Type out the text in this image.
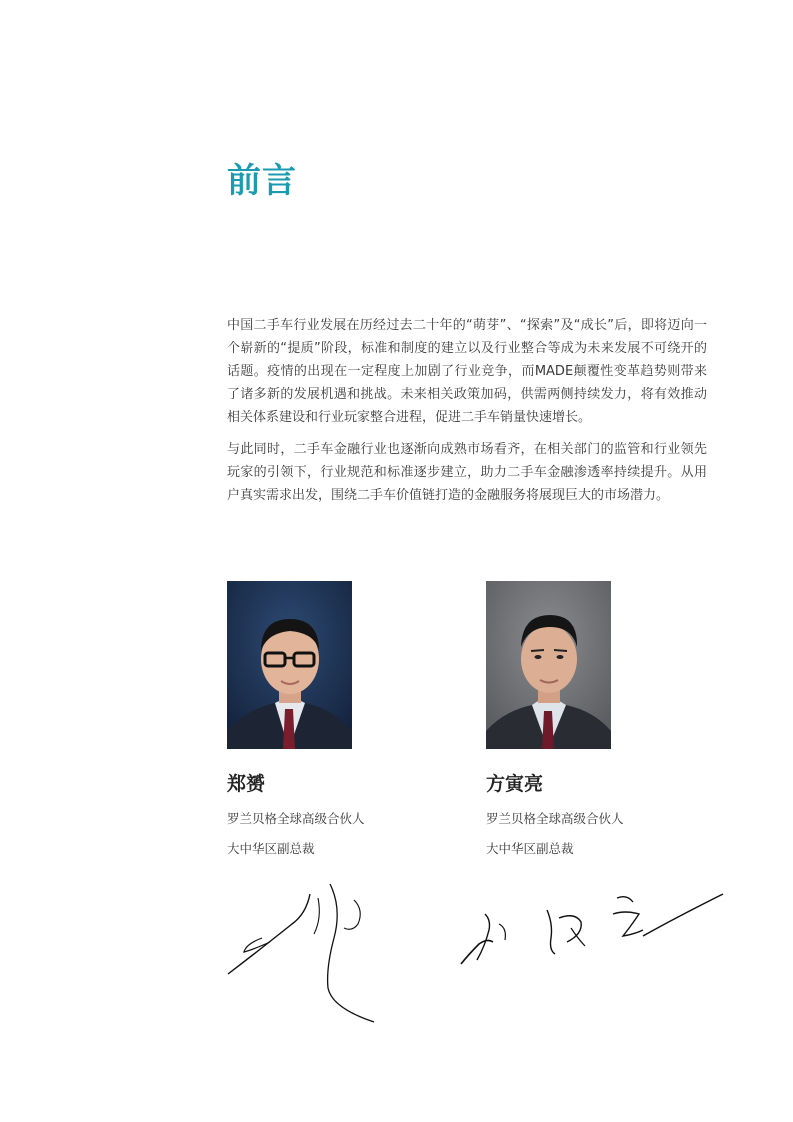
前言

中国二手车行业发展在历经过去二十年的“萌芽”、“探索”及“成长”后，即将迈向一个崭新的“提质”阶段，标准和制度的建立以及行业整合等成为未来发展不可绕开的话题。疫情的出现在一定程度上加剧了行业竞争，而MADE颠覆性变革趋势则带来了诸多新的发展机遇和挑战。未来相关政策加码，供需两侧持续发力，将有效推动相关体系建设和行业玩家整合进程，促进二手车销量快速增长。

与此同时，二手车金融行业也逐渐向成熟市场看齐，在相关部门的监管和行业领先玩家的引领下，行业规范和标准逐步建立，助力二手车金融渗透率持续提升。从用户真实需求出发，围绕二手车价值链打造的金融服务将展现巨大的市场潜力。

郑赟
罗兰贝格全球高级合伙人
大中华区副总裁
方寅亮
罗兰贝格全球高级合伙人
大中华区副总裁
